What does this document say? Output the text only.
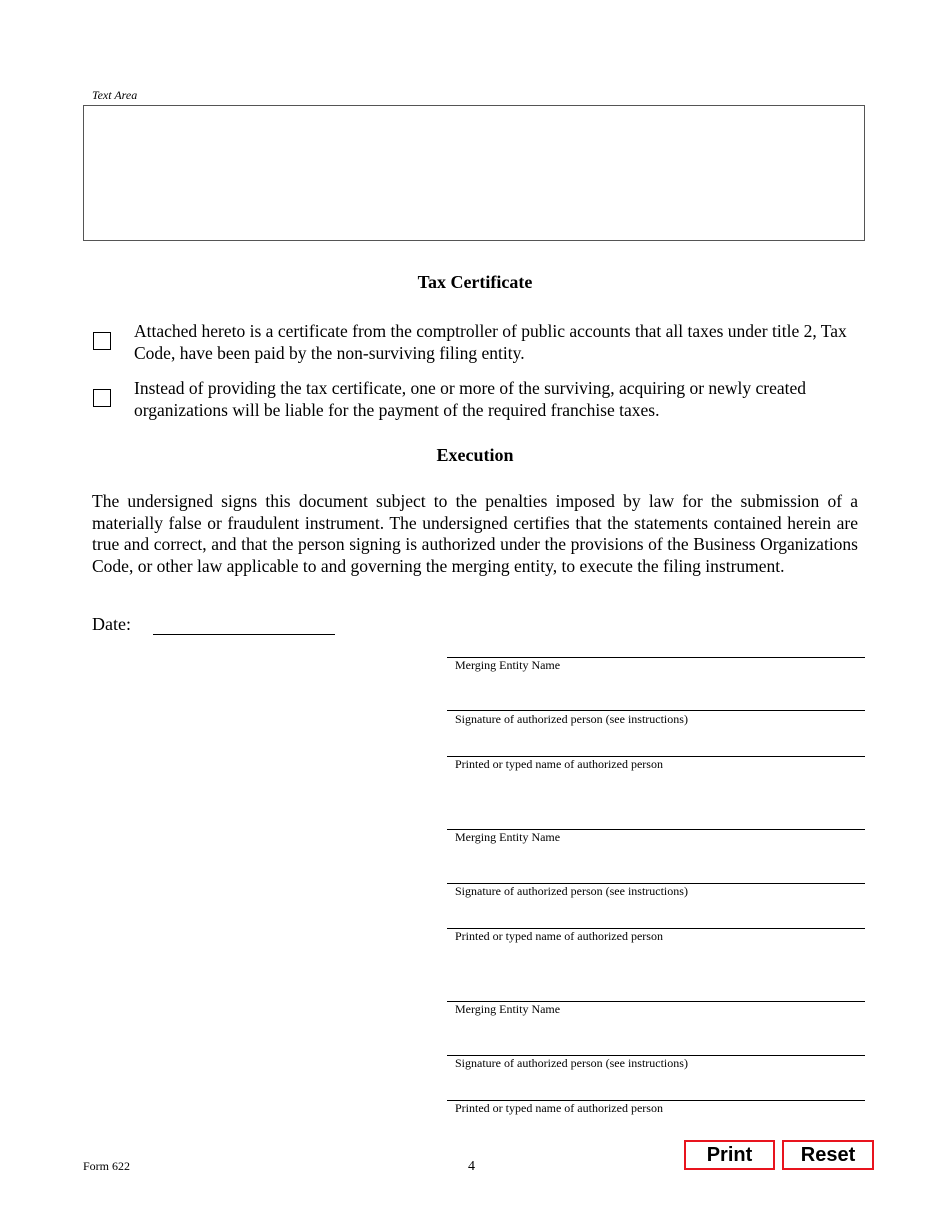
Text Area
Tax Certificate
Attached hereto is a certificate from the comptroller of public accounts that all taxes under title 2, Tax Code, have been paid by the non-surviving filing entity.
Instead of providing the tax certificate, one or more of the surviving, acquiring or newly created organizations will be liable for the payment of the required franchise taxes.
Execution
The undersigned signs this document subject to the penalties imposed by law for the submission of a materially false or fraudulent instrument. The undersigned certifies that the statements contained herein are true and correct, and that the person signing is authorized under the provisions of the Business Organizations Code, or other law applicable to and governing the merging entity, to execute the filing instrument.
Date:
Merging Entity Name
Signature of authorized person (see instructions)
Printed or typed name of authorized person
Merging Entity Name
Signature of authorized person (see instructions)
Printed or typed name of authorized person
Merging Entity Name
Signature of authorized person (see instructions)
Printed or typed name of authorized person
Form 622	4
Print	Reset
